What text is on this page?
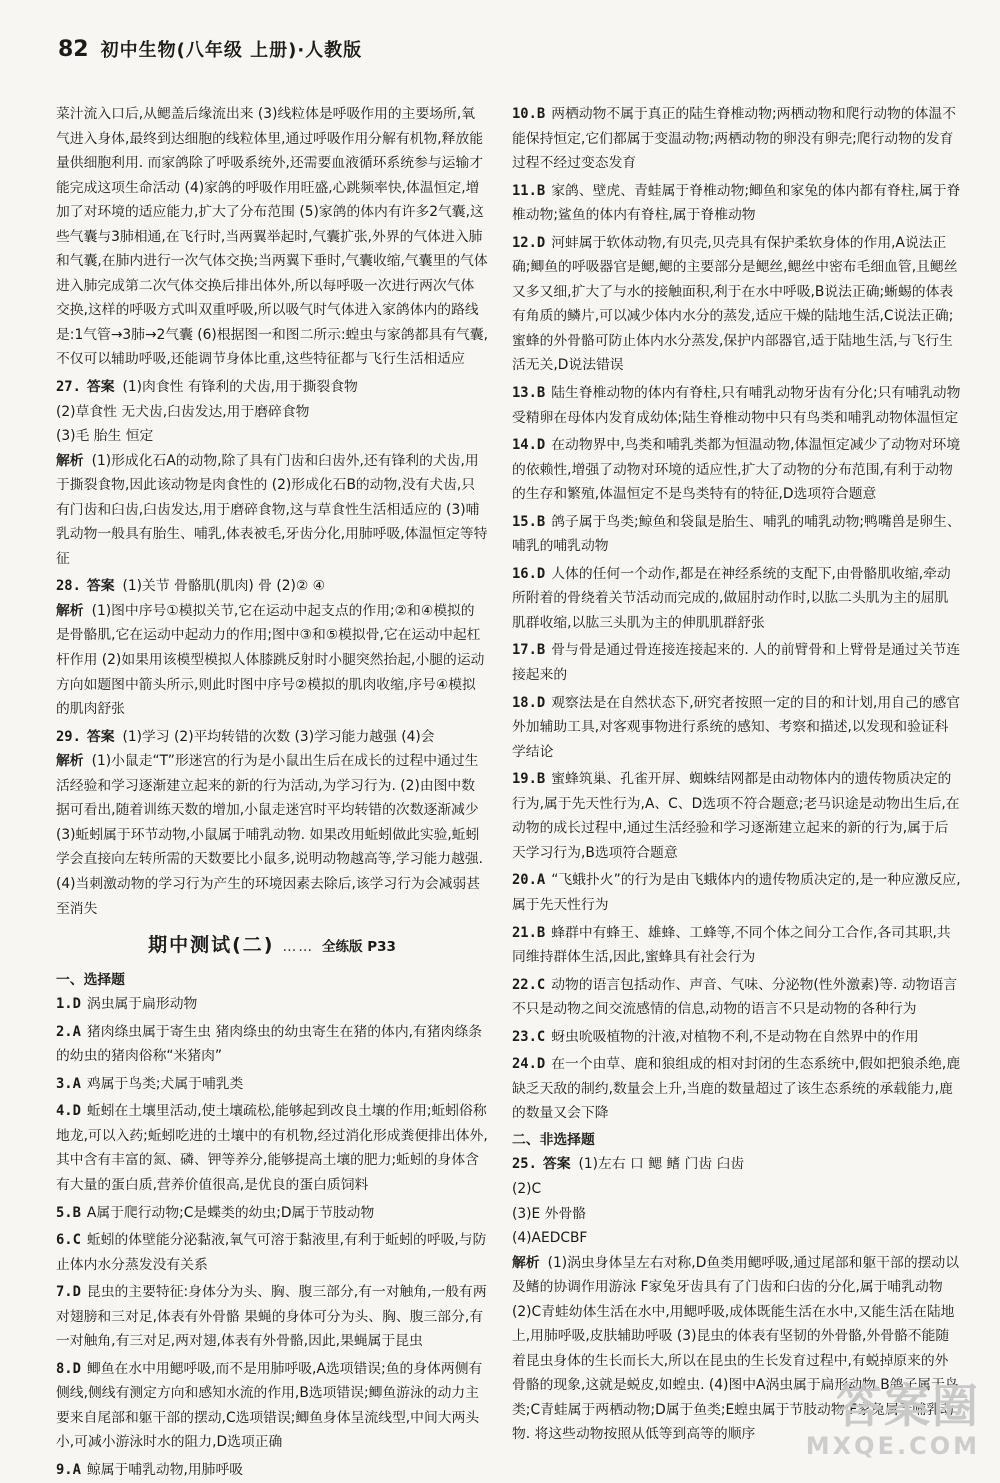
82 初中生物(八年级 上册)·人教版

菜汁流入口后,从鳃盖后缘流出来 (3)线粒体是呼吸作用的主要场所,氧气进入身体,最终到达细胞的线粒体里,通过呼吸作用分解有机物,释放能量供细胞利用. 而家鸽除了呼吸系统外,还需要血液循环系统参与运输才能完成这项生命活动 (4)家鸽的呼吸作用旺盛,心跳频率快,体温恒定,增加了对环境的适应能力,扩大了分布范围 (5)家鸽的体内有许多2气囊,这些气囊与3肺相通,在飞行时,当两翼举起时,气囊扩张,外界的气体进入肺和气囊,在肺内进行一次气体交换;当两翼下垂时,气囊收缩,气囊里的气体进入肺完成第二次气体交换后排出体外,所以每呼吸一次进行两次气体交换,这样的呼吸方式叫双重呼吸,所以吸气时气体进入家鸽体内的路线是:1气管→3肺→2气囊 (6)根据图一和图二所示:蝗虫与家鸽都具有气囊,不仅可以辅助呼吸,还能调节身体比重,这些特征都与飞行生活相适应

27. 答案 (1)肉食性 有锋利的犬齿,用于撕裂食物
(2)草食性 无犬齿,臼齿发达,用于磨碎食物
(3)毛 胎生 恒定
解析 (1)形成化石A的动物,除了具有门齿和臼齿外,还有锋利的犬齿,用于撕裂食物,因此该动物是肉食性的 (2)形成化石B的动物,没有犬齿,只有门齿和臼齿,臼齿发达,用于磨碎食物,这与草食性生活相适应的 (3)哺乳动物一般具有胎生、哺乳,体表被毛,牙齿分化,用肺呼吸,体温恒定等特征
28. 答案 (1)关节 骨骼肌(肌肉) 骨 (2)② ④
解析 (1)图中序号①模拟关节,它在运动中起支点的作用;②和④模拟的是骨骼肌,它在运动中起动力的作用;图中③和⑤模拟骨,它在运动中起杠杆作用 (2)如果用该模型模拟人体膝跳反射时小腿突然抬起,小腿的运动方向如题图中箭头所示,则此时图中序号②模拟的肌肉收缩,序号④模拟的肌肉舒张
29. 答案 (1)学习 (2)平均转错的次数 (3)学习能力越强 (4)会
解析 (1)小鼠走“T”形迷宫的行为是小鼠出生后在成长的过程中通过生活经验和学习逐渐建立起来的新的行为活动,为学习行为. (2)由图中数据可看出,随着训练天数的增加,小鼠走迷宫时平均转错的次数逐渐减少 (3)蚯蚓属于环节动物,小鼠属于哺乳动物. 如果改用蚯蚓做此实验,蚯蚓学会直接向左转所需的天数要比小鼠多,说明动物越高等,学习能力越强. (4)当刺激动物的学习行为产生的环境因素去除后,该学习行为会减弱甚至消失
期中测试(二) …… 全练版 P33
一、选择题
1.D 涡虫属于扁形动物
2.A 猪肉绦虫属于寄生虫 猪肉绦虫的幼虫寄生在猪的体内,有猪肉绦条的幼虫的猪肉俗称“米猪肉”
3.A 鸡属于鸟类;犬属于哺乳类
4.D 蚯蚓在土壤里活动,使土壤疏松,能够起到改良土壤的作用;蚯蚓俗称地龙,可以入药;蚯蚓吃进的土壤中的有机物,经过消化形成粪便排出体外,其中含有丰富的氮、磷、钾等养分,能够提高土壤的肥力;蚯蚓的身体含有大量的蛋白质,营养价值很高,是优良的蛋白质饲料
5.B A属于爬行动物;C是蝶类的幼虫;D属于节肢动物
6.C 蚯蚓的体壁能分泌黏液,氧气可溶于黏液里,有利于蚯蚓的呼吸,与防止体内水分蒸发没有关系
7.D 昆虫的主要特征:身体分为头、胸、腹三部分,有一对触角,一般有两对翅膀和三对足,体表有外骨骼 果蝇的身体可分为头、胸、腹三部分,有一对触角,有三对足,两对翅,体表有外骨骼,因此,果蝇属于昆虫
8.D 鲫鱼在水中用鳃呼吸,而不是用肺呼吸,A选项错误;鱼的身体两侧有侧线,侧线有测定方向和感知水流的作用,B选项错误;鲫鱼游泳的动力主要来自尾部和躯干部的摆动,C选项错误;鲫鱼身体呈流线型,中间大两头小,可减小游泳时水的阻力,D选项正确
9.A 鲸属于哺乳动物,用肺呼吸
10.B 两栖动物不属于真正的陆生脊椎动物;两栖动物和爬行动物的体温不能保持恒定,它们都属于变温动物;两栖动物的卵没有卵壳;爬行动物的发育过程不经过变态发育
11.B 家鸽、壁虎、青蛙属于脊椎动物;鲫鱼和家兔的体内都有脊柱,属于脊椎动物;鲨鱼的体内有脊柱,属于脊椎动物
12.D 河蚌属于软体动物,有贝壳,贝壳具有保护柔软身体的作用,A说法正确;鲫鱼的呼吸器官是鳃,鳃的主要部分是鳃丝,鳃丝中密布毛细血管,且鳃丝又多又细,扩大了与水的接触面积,利于在水中呼吸,B说法正确;蜥蜴的体表有角质的鳞片,可以减少体内水分的蒸发,适应干燥的陆地生活,C说法正确;蜜蜂的外骨骼可防止体内水分蒸发,保护内部器官,适于陆地生活,与飞行生活无关,D说法错误
13.B 陆生脊椎动物的体内有脊柱,只有哺乳动物牙齿有分化;只有哺乳动物受精卵在母体内发育成幼体;陆生脊椎动物中只有鸟类和哺乳动物体温恒定
14.D 在动物界中,鸟类和哺乳类都为恒温动物,体温恒定减少了动物对环境的依赖性,增强了动物对环境的适应性,扩大了动物的分布范围,有利于动物的生存和繁殖,体温恒定不是鸟类特有的特征,D选项符合题意
15.B 鸽子属于鸟类;鲸鱼和袋鼠是胎生、哺乳的哺乳动物;鸭嘴兽是卵生、哺乳的哺乳动物
16.D 人体的任何一个动作,都是在神经系统的支配下,由骨骼肌收缩,牵动所附着的骨绕着关节活动而完成的,做屈肘动作时,以肱二头肌为主的屈肌肌群收缩,以肱三头肌为主的伸肌肌群舒张
17.B 骨与骨是通过骨连接连接起来的. 人的前臂骨和上臂骨是通过关节连接起来的
18.D 观察法是在自然状态下,研究者按照一定的目的和计划,用自己的感官外加辅助工具,对客观事物进行系统的感知、考察和描述,以发现和验证科学结论
19.B 蜜蜂筑巢、孔雀开屏、蜘蛛结网都是由动物体内的遗传物质决定的行为,属于先天性行为,A、C、D选项不符合题意;老马识途是动物出生后,在动物的成长过程中,通过生活经验和学习逐渐建立起来的新的行为,属于后天学习行为,B选项符合题意
20.A “飞蛾扑火”的行为是由飞蛾体内的遗传物质决定的,是一种应激反应,属于先天性行为
21.B 蜂群中有蜂王、雄蜂、工蜂等,不同个体之间分工合作,各司其职,共同维持群体生活,因此,蜜蜂具有社会行为
22.C 动物的语言包括动作、声音、气味、分泌物(性外激素)等. 动物语言不只是动物之间交流感情的信息,动物的语言不只是动物的各种行为
23.C 蚜虫吮吸植物的汁液,对植物不利,不是动物在自然界中的作用
24.D 在一个由草、鹿和狼组成的相对封闭的生态系统中,假如把狼杀绝,鹿缺乏天敌的制约,数量会上升,当鹿的数量超过了该生态系统的承载能力,鹿的数量又会下降
二、非选择题
25. 答案 (1)左右 口 鳃 鳍 门齿 臼齿
(2)C
(3)E 外骨骼
(4)AEDCBF
解析 (1)涡虫身体呈左右对称,D鱼类用鳃呼吸,通过尾部和躯干部的摆动以及鳍的协调作用游泳 F家兔牙齿具有了门齿和臼齿的分化,属于哺乳动物 (2)C青蛙幼体生活在水中,用鳃呼吸,成体既能生活在水中,又能生活在陆地上,用肺呼吸,皮肤辅助呼吸 (3)昆虫的体表有坚韧的外骨骼,外骨骼不能随着昆虫身体的生长而长大,所以在昆虫的生长发育过程中,有蜕掉原来的外骨骼的现象,这就是蜕皮,如蝗虫. (4)图中A涡虫属于扁形动物,B鸽子属于鸟类;C青蛙属于两栖动物;D属于鱼类;E蝗虫属于节肢动物;F家兔属于哺乳动物. 将这些动物按照从低等到高等的顺序
答案圈
MXQE.COM
